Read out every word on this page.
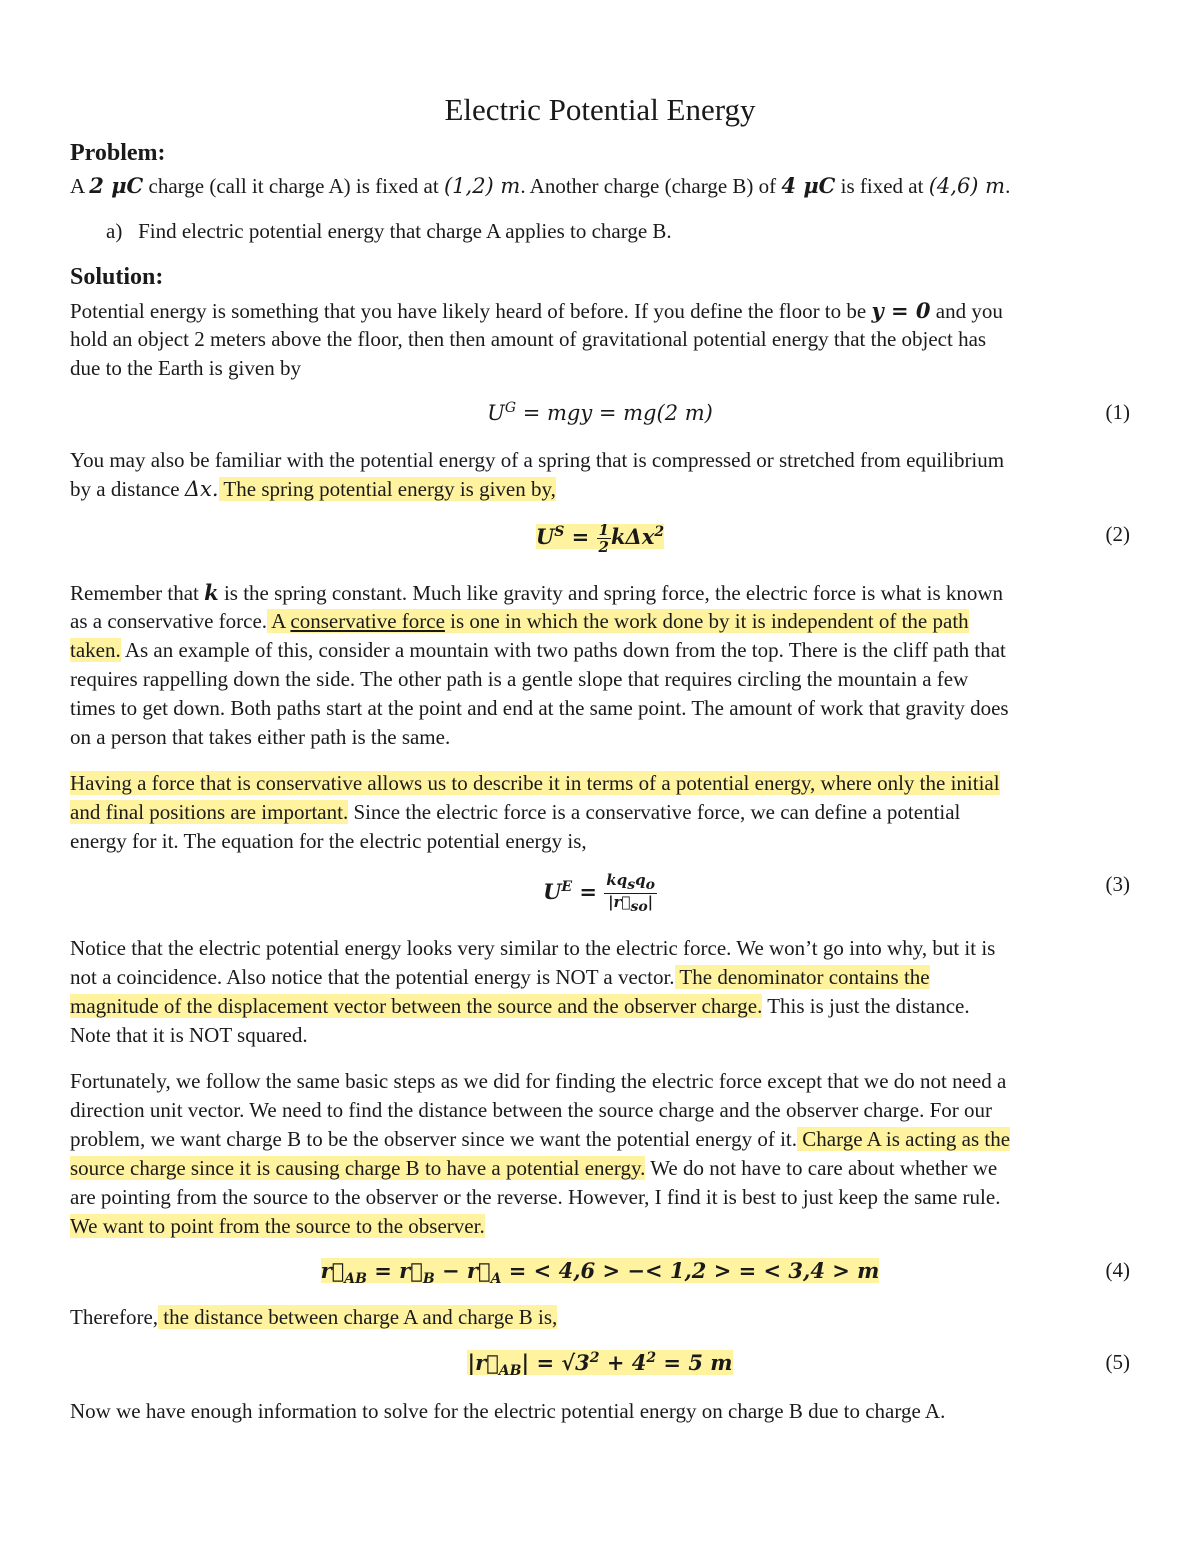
Electric Potential Energy
Problem:
A 2 μC charge (call it charge A) is fixed at (1,2) m. Another charge (charge B) of 4 μC is fixed at (4,6) m.
a) Find electric potential energy that charge A applies to charge B.
Solution:
Potential energy is something that you have likely heard of before. If you define the floor to be y = 0 and you
hold an object 2 meters above the floor, then then amount of gravitational potential energy that the object has
due to the Earth is given by
$U^G$ = mgy = mg(2 m)	(1)
You may also be familiar with the potential energy of a spring that is compressed or stretched from equilibrium
by a distance Δx. The spring potential energy is given by,
$U^S = \frac{1}{2} k\Delta x^2$	(2)
Remember that k is the spring constant. Much like gravity and spring force, the electric force is what is known
as a conservative force. A conservative force is one in which the work done by it is independent of the path
taken. As an example of this, consider a mountain with two paths down from the top. There is the cliff path that
requires rappelling down the side. The other path is a gentle slope that requires circling the mountain a few
times to get down. Both paths start at the point and end at the same point. The amount of work that gravity does
on a person that takes either path is the same.
Having a force that is conservative allows us to describe it in terms of a potential energy, where only the initial
and final positions are important. Since the electric force is a conservative force, we can define a potential
energy for it. The equation for the electric potential energy is,
$U^E = \frac{kq_sq_o}{|r⃗_{so}|}$	(3)
Notice that the electric potential energy looks very similar to the electric force. We won’t go into why, but it is
not a coincidence. Also notice that the potential energy is NOT a vector. The denominator contains the
magnitude of the displacement vector between the source and the observer charge. This is just the distance.
Note that it is NOT squared.
Fortunately, we follow the same basic steps as we did for finding the electric force except that we do not need a
direction unit vector. We need to find the distance between the source charge and the observer charge. For our
problem, we want charge B to be the observer since we want the potential energy of it. Charge A is acting as the
source charge since it is causing charge B to have a potential energy. We do not have to care about whether we
are pointing from the source to the observer or the reverse. However, I find it is best to just keep the same rule.
We want to point from the source to the observer.
$r⃗_{AB}$ = $r⃗_B$ − $r⃗_A$ = < 4,6 > −< 1,2 > = < 3,4 > m	(4)
Therefore, the distance between charge A and charge B is,
$|r⃗_{AB}| = √3^2 + 4^2 = 5$ m	(5)
Now we have enough information to solve for the electric potential energy on charge B due to charge A.
